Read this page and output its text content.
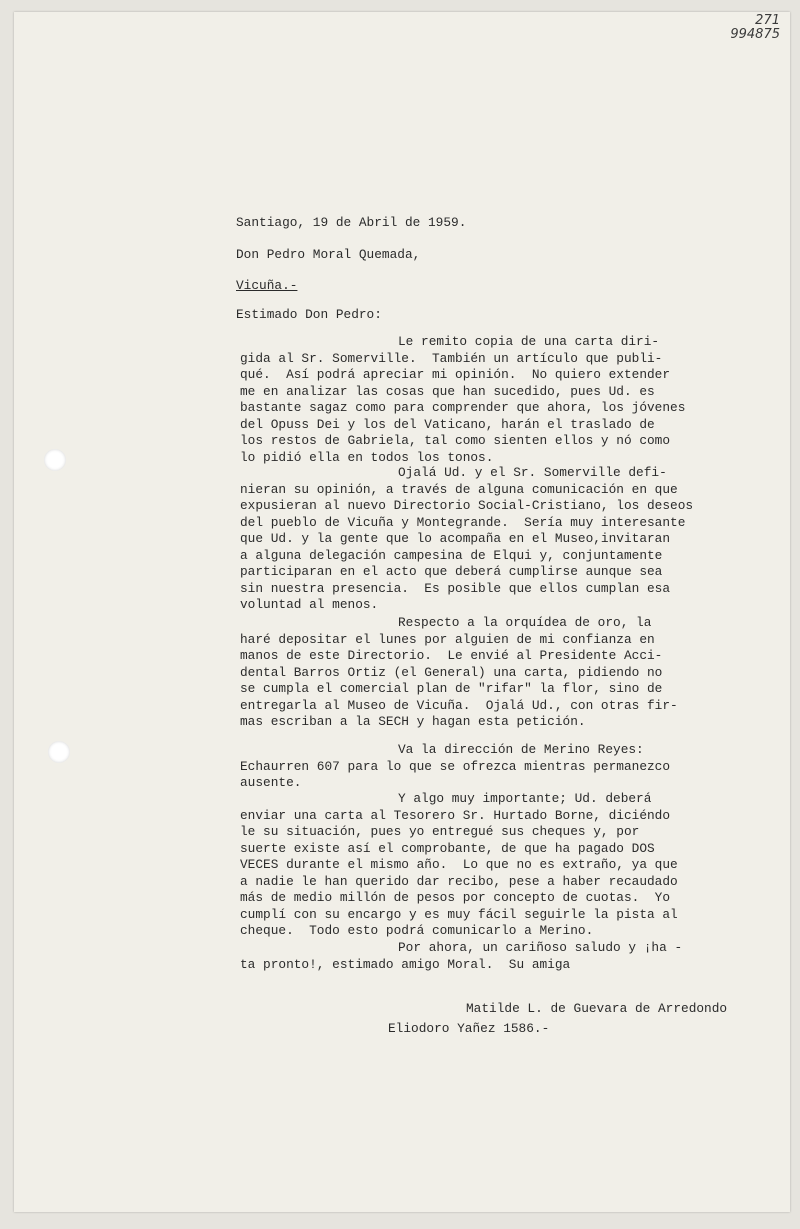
271
994875
Santiago, 19 de Abril de 1959.
Don Pedro Moral Quemada,
Vicuña.-
Estimado Don Pedro:
Le remito copia de una carta diri-
gida al Sr. Somerville.  También un artículo que publi-
qué.  Así podrá apreciar mi opinión.  No quiero extender
me en analizar las cosas que han sucedido, pues Ud. es
bastante sagaz como para comprender que ahora, los jóvenes
del Opuss Dei y los del Vaticano, harán el traslado de
los restos de Gabriela, tal como sienten ellos y nó como
lo pidió ella en todos los tonos.
Ojalá Ud. y el Sr. Somerville defi-
nieran su opinión, a través de alguna comunicación en que
expusieran al nuevo Directorio Social-Cristiano, los deseos
del pueblo de Vicuña y Montegrande.  Sería muy interesante
que Ud. y la gente que lo acompaña en el Museo,invitaran
a alguna delegación campesina de Elqui y, conjuntamente
participaran en el acto que deberá cumplirse aunque sea
sin nuestra presencia.  Es posible que ellos cumplan esa
voluntad al menos.
Respecto a la orquídea de oro, la
haré depositar el lunes por alguien de mi confianza en
manos de este Directorio.  Le envié al Presidente Acci-
dental Barros Ortiz (el General) una carta, pidiendo no
se cumpla el comercial plan de "rifar" la flor, sino de
entregarla al Museo de Vicuña.  Ojalá Ud., con otras fir-
mas escriban a la SECH y hagan esta petición.
Va la dirección de Merino Reyes:
Echaurren 607 para lo que se ofrezca mientras permanezco
ausente.
Y algo muy importante; Ud. deberá
enviar una carta al Tesorero Sr. Hurtado Borne, diciéndo
le su situación, pues yo entregué sus cheques y, por
suerte existe así el comprobante, de que ha pagado DOS
VECES durante el mismo año.  Lo que no es extraño, ya que
a nadie le han querido dar recibo, pese a haber recaudado
más de medio millón de pesos por concepto de cuotas.  Yo
cumplí con su encargo y es muy fácil seguirle la pista al
cheque.  Todo esto podrá comunicarlo a Merino.
Por ahora, un cariñoso saludo y ¡ha -
ta pronto!, estimado amigo Moral.  Su amiga
Matilde L. de Guevara de Arredondo
Eliodoro Yañez 1586.-
